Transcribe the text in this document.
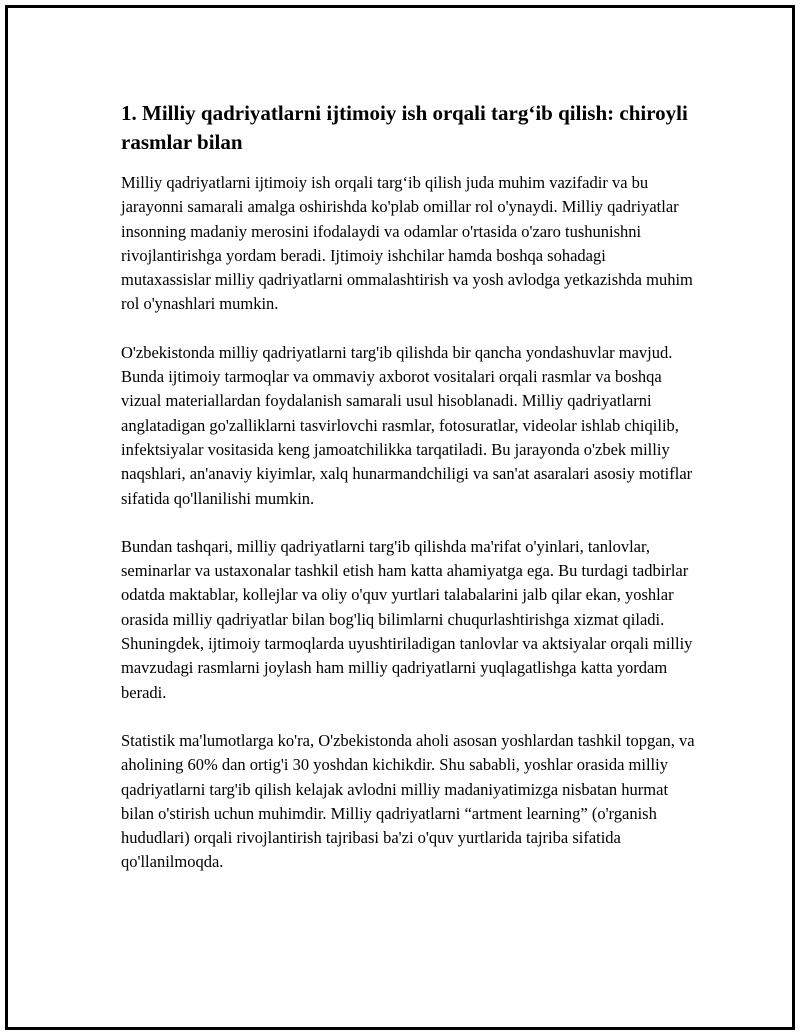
1. Milliy qadriyatlarni ijtimoiy ish orqali targ‘ib qilish: chiroyli rasmlar bilan

Milliy qadriyatlarni ijtimoiy ish orqali targ‘ib qilish juda muhim vazifadir va bu jarayonni samarali amalga oshirishda ko'plab omillar rol o'ynaydi. Milliy qadriyatlar insonning madaniy merosini ifodalaydi va odamlar o'rtasida o'zaro tushunishni rivojlantirishga yordam beradi. Ijtimoiy ishchilar hamda boshqa sohadagi mutaxassislar milliy qadriyatlarni ommalashtirish va yosh avlodga yetkazishda muhim rol o'ynashlari mumkin.

O'zbekistonda milliy qadriyatlarni targ'ib qilishda bir qancha yondashuvlar mavjud. Bunda ijtimoiy tarmoqlar va ommaviy axborot vositalari orqali rasmlar va boshqa vizual materiallardan foydalanish samarali usul hisoblanadi. Milliy qadriyatlarni anglatadigan go'zalliklarni tasvirlovchi rasmlar, fotosuratlar, videolar ishlab chiqilib, infektsiyalar vositasida keng jamoatchilikka tarqatiladi. Bu jarayonda o'zbek milliy naqshlari, an'anaviy kiyimlar, xalq hunarmandchiligi va san'at asaralari asosiy motiflar sifatida qo'llanilishi mumkin.

Bundan tashqari, milliy qadriyatlarni targ'ib qilishda ma'rifat o'yinlari, tanlovlar, seminarlar va ustaxonalar tashkil etish ham katta ahamiyatga ega. Bu turdagi tadbirlar odatda maktablar, kollejlar va oliy o'quv yurtlari talabalarini jalb qilar ekan, yoshlar orasida milliy qadriyatlar bilan bog'liq bilimlarni chuqurlashtirishga xizmat qiladi. Shuningdek, ijtimoiy tarmoqlarda uyushtiriladigan tanlovlar va aktsiyalar orqali milliy mavzudagi rasmlarni joylash ham milliy qadriyatlarni yuqlagatlishga katta yordam beradi.

Statistik ma'lumotlarga ko'ra, O'zbekistonda aholi asosan yoshlardan tashkil topgan, va aholining 60% dan ortig'i 30 yoshdan kichikdir. Shu sababli, yoshlar orasida milliy qadriyatlarni targ'ib qilish kelajak avlodni milliy madaniyatimizga nisbatan hurmat bilan o'stirish uchun muhimdir. Milliy qadriyatlarni “artment learning” (o'rganish hududlari) orqali rivojlantirish tajribasi ba'zi o'quv yurtlarida tajriba sifatida qo'llanilmoqda.
